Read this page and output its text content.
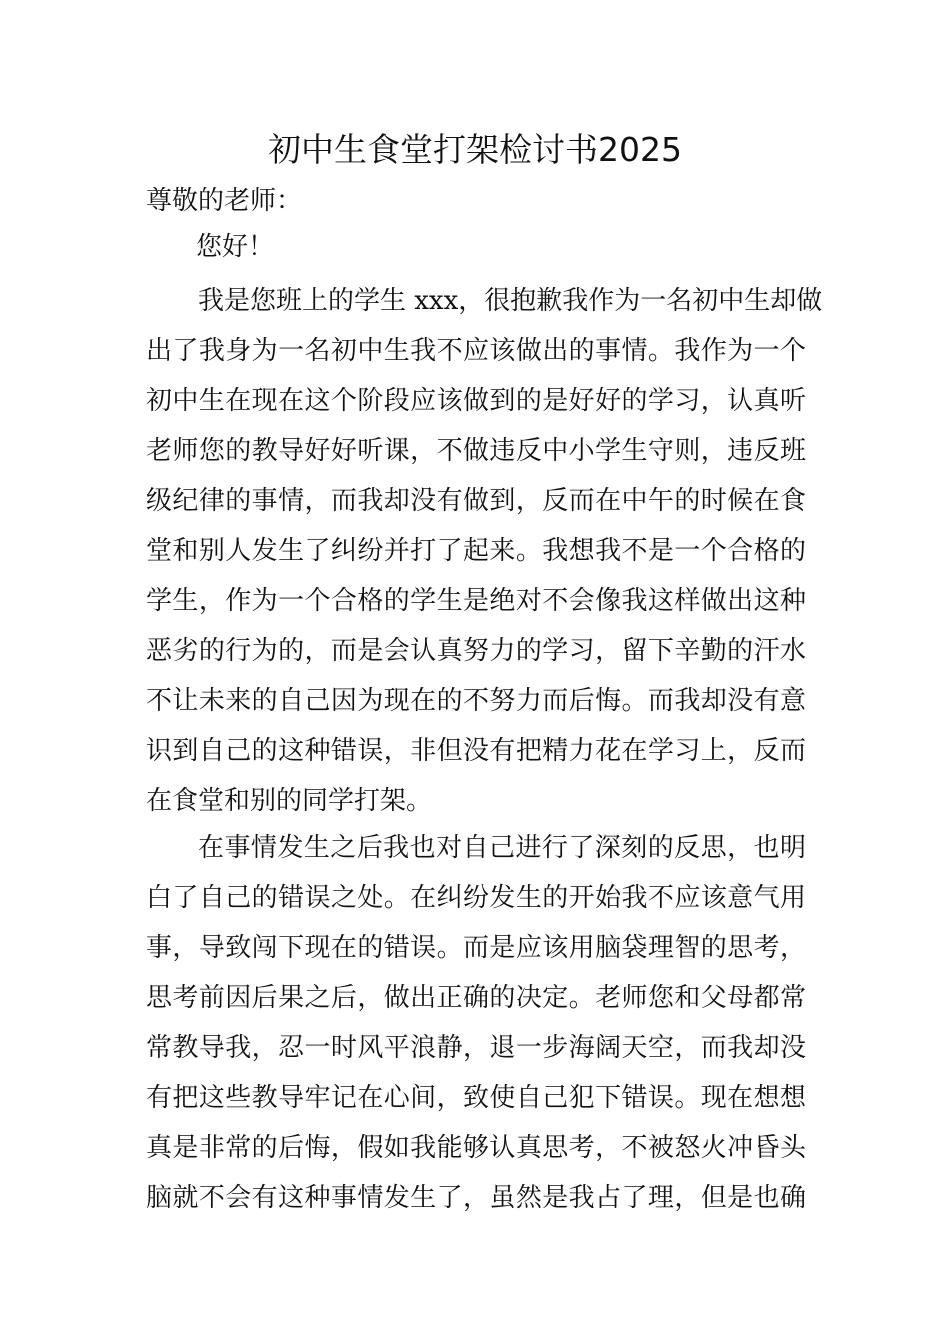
初中生食堂打架检讨书2025
尊敬的老师：
您好！
我是您班上的学生 xxx，很抱歉我作为一名初中生却做
出了我身为一名初中生我不应该做出的事情。我作为一个
初中生在现在这个阶段应该做到的是好好的学习，认真听
老师您的教导好好听课，不做违反中小学生守则，违反班
级纪律的事情，而我却没有做到，反而在中午的时候在食
堂和别人发生了纠纷并打了起来。我想我不是一个合格的
学生，作为一个合格的学生是绝对不会像我这样做出这种
恶劣的行为的，而是会认真努力的学习，留下辛勤的汗水
不让未来的自己因为现在的不努力而后悔。而我却没有意
识到自己的这种错误，非但没有把精力花在学习上，反而
在食堂和别的同学打架。
在事情发生之后我也对自己进行了深刻的反思，也明
白了自己的错误之处。在纠纷发生的开始我不应该意气用
事，导致闯下现在的错误。而是应该用脑袋理智的思考，
思考前因后果之后，做出正确的决定。老师您和父母都常
常教导我，忍一时风平浪静，退一步海阔天空，而我却没
有把这些教导牢记在心间，致使自己犯下错误。现在想想
真是非常的后悔，假如我能够认真思考，不被怒火冲昏头
脑就不会有这种事情发生了，虽然是我占了理，但是也确
